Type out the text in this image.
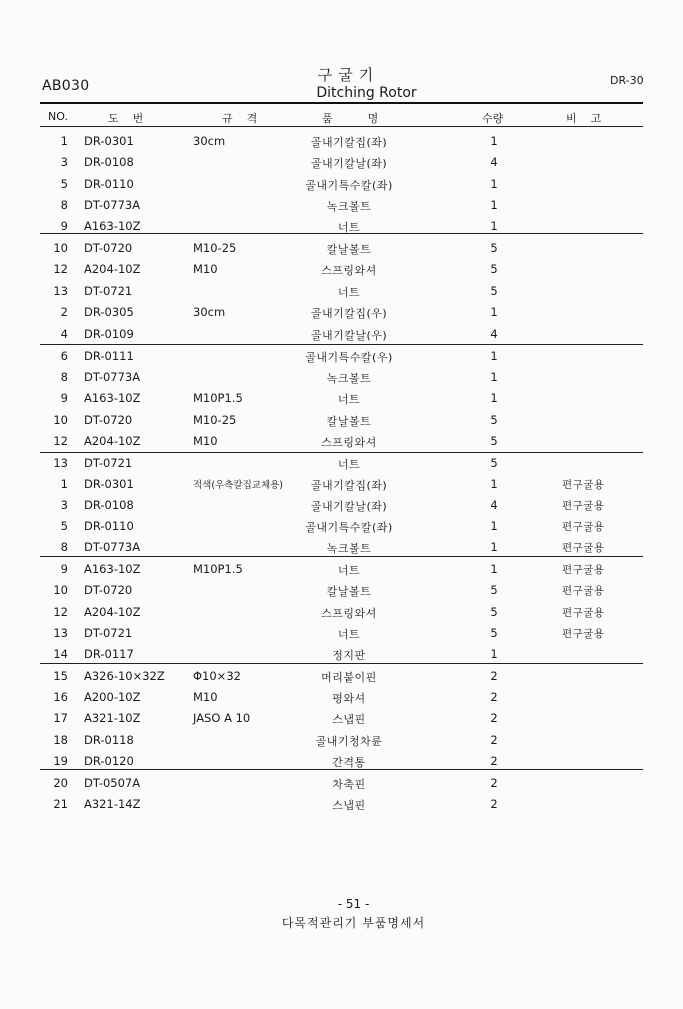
AB030
구굴기
Ditching Rotor
DR-30
NO.	도    번	규    격	품          명	수량	비    고
1 DR-0301	30cm	골내기칼집(좌)	1
3 DR-0108	골내기칼날(좌)	4
5 DR-0110	골내기특수칼(좌)	1
8 DT-0773A	녹크볼트	1
9 A163-10Z	너트	1
10 DT-0720	M10-25	칼날볼트	5
12 A204-10Z	M10	스프링와셔	5
13 DT-0721	너트	5
2 DR-0305	30cm	골내기칼집(우)	1
4 DR-0109	골내기칼날(우)	4
6 DR-0111	골내기특수칼(우)	1
8 DT-0773A	녹크볼트	1
9 A163-10Z	M10P1.5	너트	1
10 DT-0720	M10-25	칼날볼트	5
12 A204-10Z	M10	스프링와셔	5
13 DT-0721	너트	5
1 DR-0301	적색(우측칼집교체용)	골내기칼집(좌)	1	편구굴용
3 DR-0108	골내기칼날(좌)	4	편구굴용
5 DR-0110	골내기특수칼(좌)	1	편구굴용
8 DT-0773A	녹크볼트	1	편구굴용
9 A163-10Z	M10P1.5	너트	1	편구굴용
10 DT-0720	칼날볼트	5	편구굴용
12 A204-10Z	스프링와셔	5	편구굴용
13 DT-0721	너트	5	편구굴용
14 DR-0117	정지판	1
15 A326-10×32Z Φ10×32	머리붙이핀	2
16 A200-10Z	M10	평와셔	2
17 A321-10Z	JASO A 10	스냅핀	2
18 DR-0118	골내기청차륜	2
19 DR-0120	간격통	2
20 DT-0507A	차축핀	2
21 A321-14Z	스냅핀	2
- 51 -
다목적관리기 부품명세서
